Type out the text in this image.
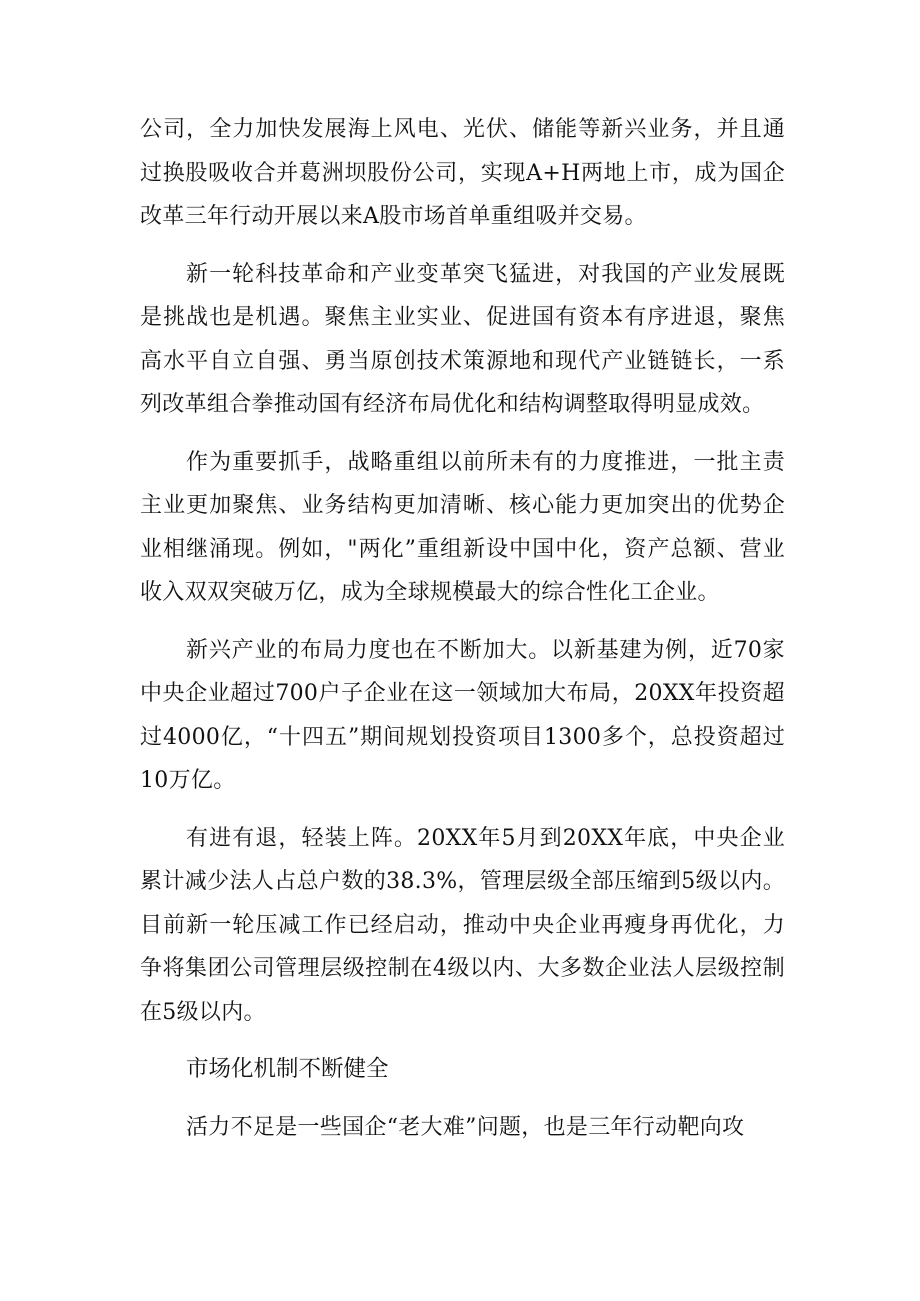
公司，全力加快发展海上风电、光伏、储能等新兴业务，并且通过换股吸收合并葛洲坝股份公司，实现A+H两地上市，成为国企改革三年行动开展以来A股市场首单重组吸并交易。

新一轮科技革命和产业变革突飞猛进，对我国的产业发展既是挑战也是机遇。聚焦主业实业、促进国有资本有序进退，聚焦高水平自立自强、勇当原创技术策源地和现代产业链链长，一系列改革组合拳推动国有经济布局优化和结构调整取得明显成效。

作为重要抓手，战略重组以前所未有的力度推进，一批主责主业更加聚焦、业务结构更加清晰、核心能力更加突出的优势企业相继涌现。例如，"两化”重组新设中国中化，资产总额、营业收入双双突破万亿，成为全球规模最大的综合性化工企业。

新兴产业的布局力度也在不断加大。以新基建为例，近70家中央企业超过700户子企业在这一领域加大布局，20XX年投资超过4000亿，“十四五”期间规划投资项目1300多个，总投资超过10万亿。

有进有退，轻装上阵。20XX年5月到20XX年底，中央企业累计减少法人占总户数的38.3%，管理层级全部压缩到5级以内。目前新一轮压减工作已经启动，推动中央企业再瘦身再优化，力争将集团公司管理层级控制在4级以内、大多数企业法人层级控制在5级以内。

市场化机制不断健全

活力不足是一些国企“老大难”问题，也是三年行动靶向攻
